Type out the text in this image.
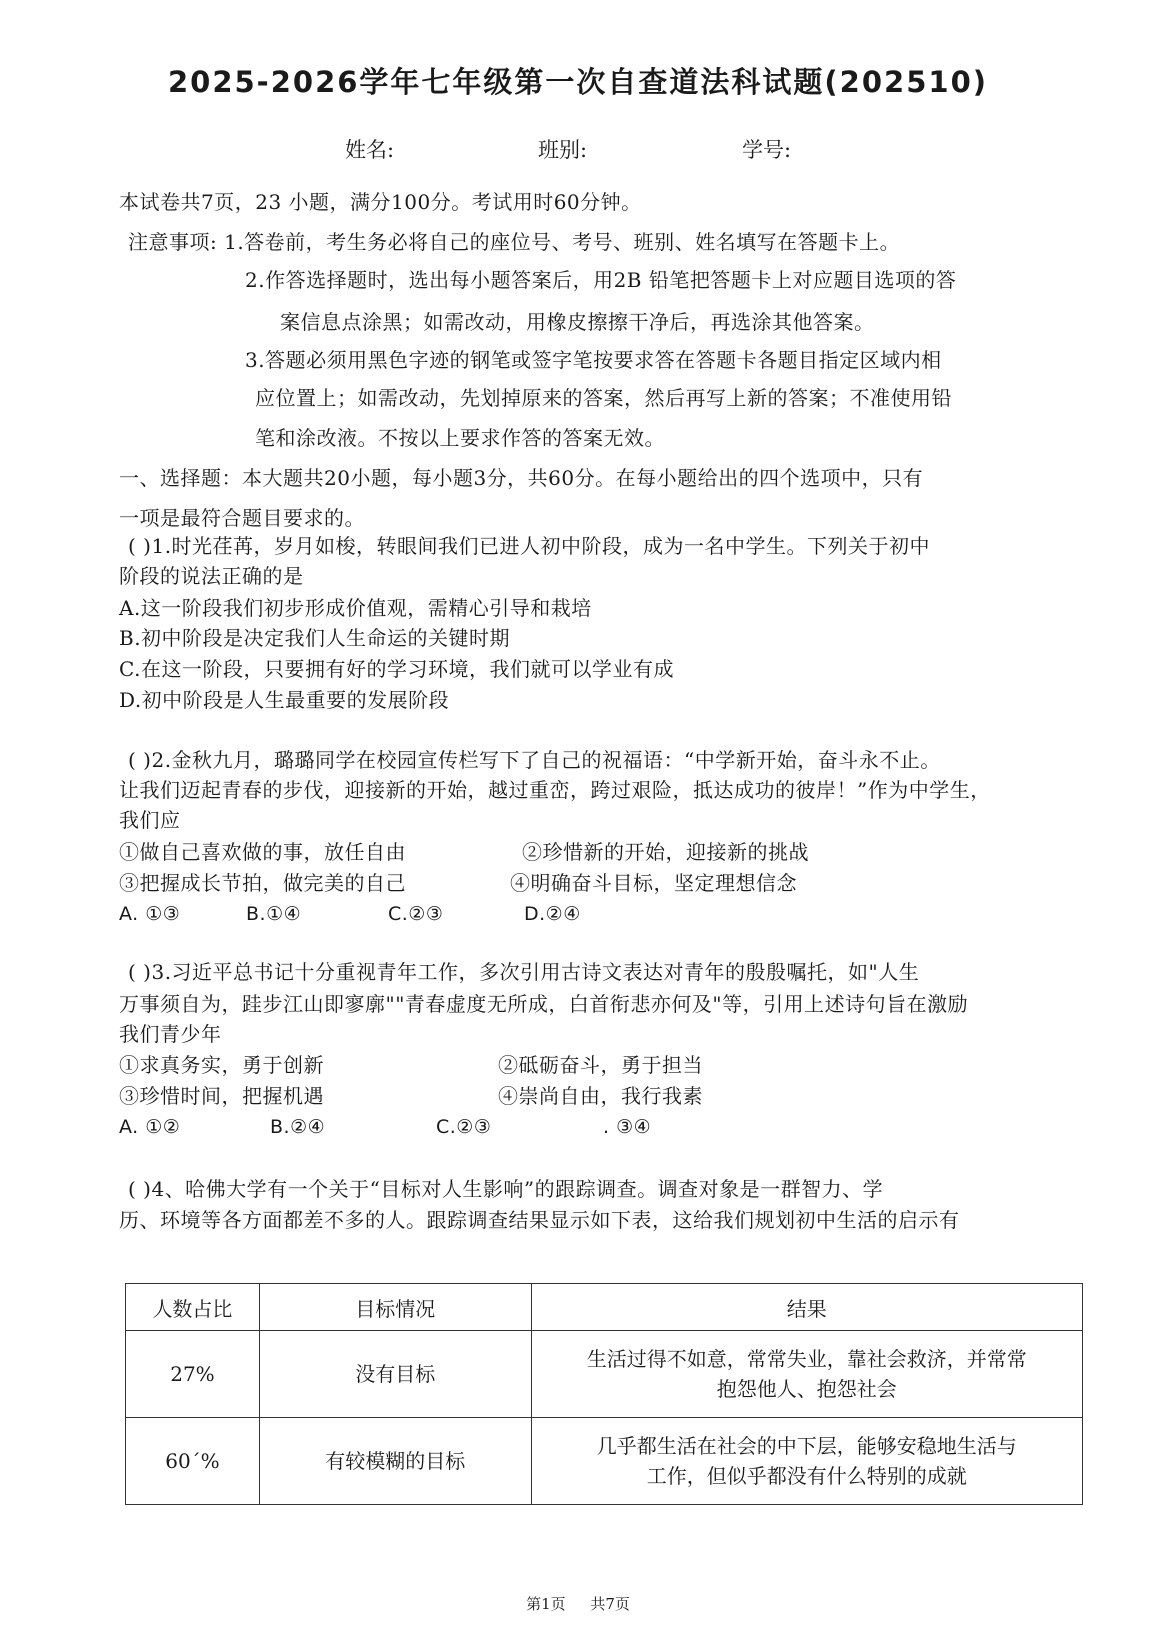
2025-2026学年七年级第一次自查道法科试题(202510)
姓名:	班别:	学号:
本试卷共7页，23 小题，满分100分。考试用时60分钟。
注意事项: 1.答卷前，考生务必将自己的座位号、考号、班别、姓名填写在答题卡上。
2.作答选择题时，选出每小题答案后，用2B 铅笔把答题卡上对应题目选项的答
案信息点涂黑；如需改动，用橡皮擦擦干净后，再选涂其他答案。
3.答题必须用黑色字迹的钢笔或签字笔按要求答在答题卡各题目指定区域内相
应位置上；如需改动，先划掉原来的答案，然后再写上新的答案；不准使用铅
笔和涂改液。不按以上要求作答的答案无效。
一、选择题：本大题共20小题，每小题3分，共60分。在每小题给出的四个选项中，只有
一项是最符合题目要求的。
( )1.时光荏苒，岁月如梭，转眼间我们已进人初中阶段，成为一名中学生。下列关于初中
阶段的说法正确的是
A.这一阶段我们初步形成价值观，需精心引导和栽培
B.初中阶段是决定我们人生命运的关键时期
C.在这一阶段，只要拥有好的学习环境，我们就可以学业有成
D.初中阶段是人生最重要的发展阶段
( )2.金秋九月，璐璐同学在校园宣传栏写下了自己的祝福语：“中学新开始，奋斗永不止。
让我们迈起青春的步伐，迎接新的开始，越过重峦，跨过艰险，抵达成功的彼岸！”作为中学生，
我们应
①做自己喜欢做的事，放任自由	②珍惜新的开始，迎接新的挑战
③把握成长节拍，做完美的自己	④明确奋斗目标，坚定理想信念
A. ①③	B.①④	C.②③	D.②④
( )3.习近平总书记十分重视青年工作，多次引用古诗文表达对青年的殷殷嘱托，如"人生
万事须自为，跬步江山即寥廓""青春虚度无所成，白首衔悲亦何及"等，引用上述诗句旨在激励
我们青少年
①求真务实，勇于创新	②砥砺奋斗，勇于担当
③珍惜时间，把握机遇	④崇尚自由，我行我素
A. ①②	B.②④	C.②③	. ③④
( )4、哈佛大学有一个关于“目标对人生影响”的跟踪调查。调查对象是一群智力、学
历、环境等各方面都差不多的人。跟踪调查结果显示如下表，这给我们规划初中生活的启示有
人数占比	目标情况	结果
27%	没有目标	生活过得不如意，常常失业，靠社会救济，并常常
抱怨他人、抱怨社会

60´%	有较模糊的目标	几乎都生活在社会的中下层，能够安稳地生活与
工作，但似乎都没有什么特别的成就
第1页 共7页
